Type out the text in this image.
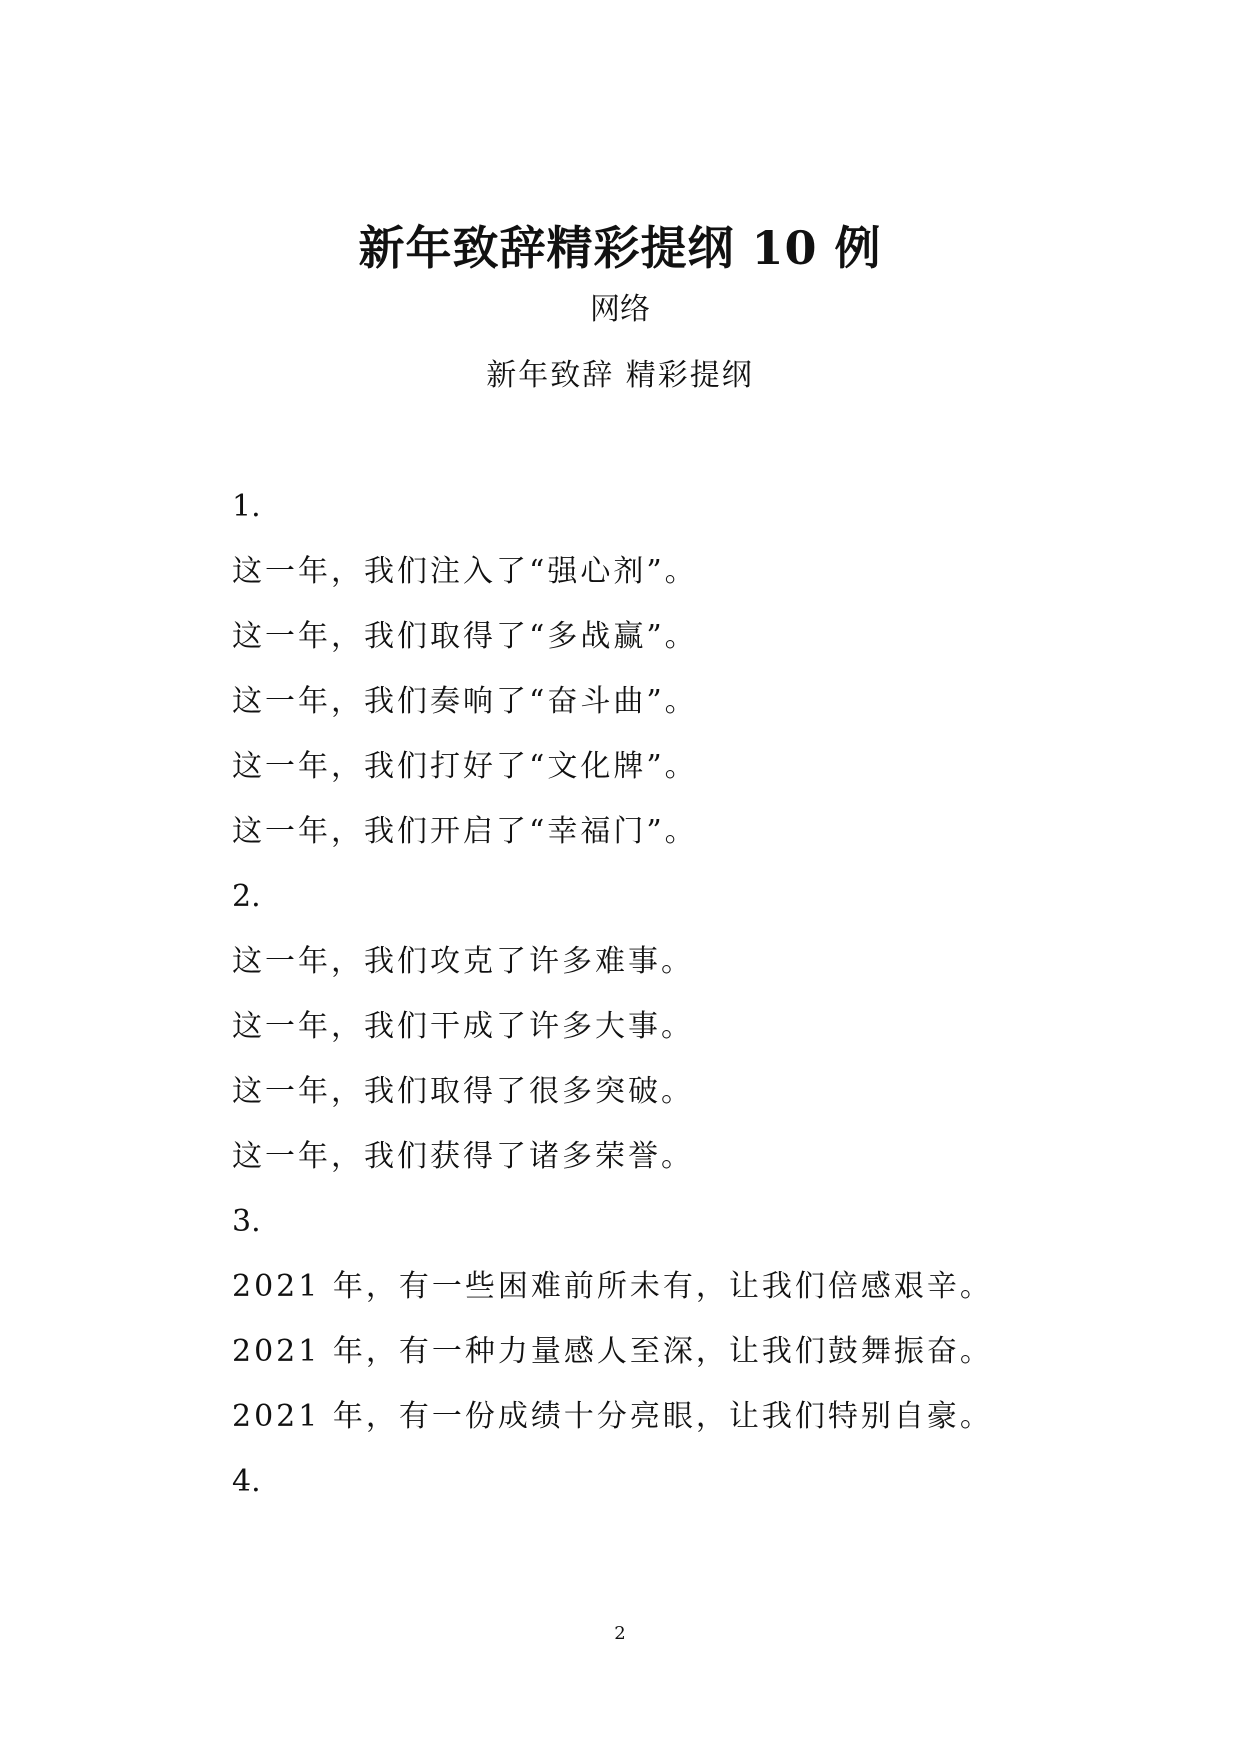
新年致辞精彩提纲 10 例
网络
新年致辞 精彩提纲
1.
这一年，我们注入了“强心剂”。
这一年，我们取得了“多战赢”。
这一年，我们奏响了“奋斗曲”。
这一年，我们打好了“文化牌”。
这一年，我们开启了“幸福门”。
2.
这一年，我们攻克了许多难事。
这一年，我们干成了许多大事。
这一年，我们取得了很多突破。
这一年，我们获得了诸多荣誉。
3.
2021 年，有一些困难前所未有，让我们倍感艰辛。
2021 年，有一种力量感人至深，让我们鼓舞振奋。
2021 年，有一份成绩十分亮眼，让我们特别自豪。
4.
2
